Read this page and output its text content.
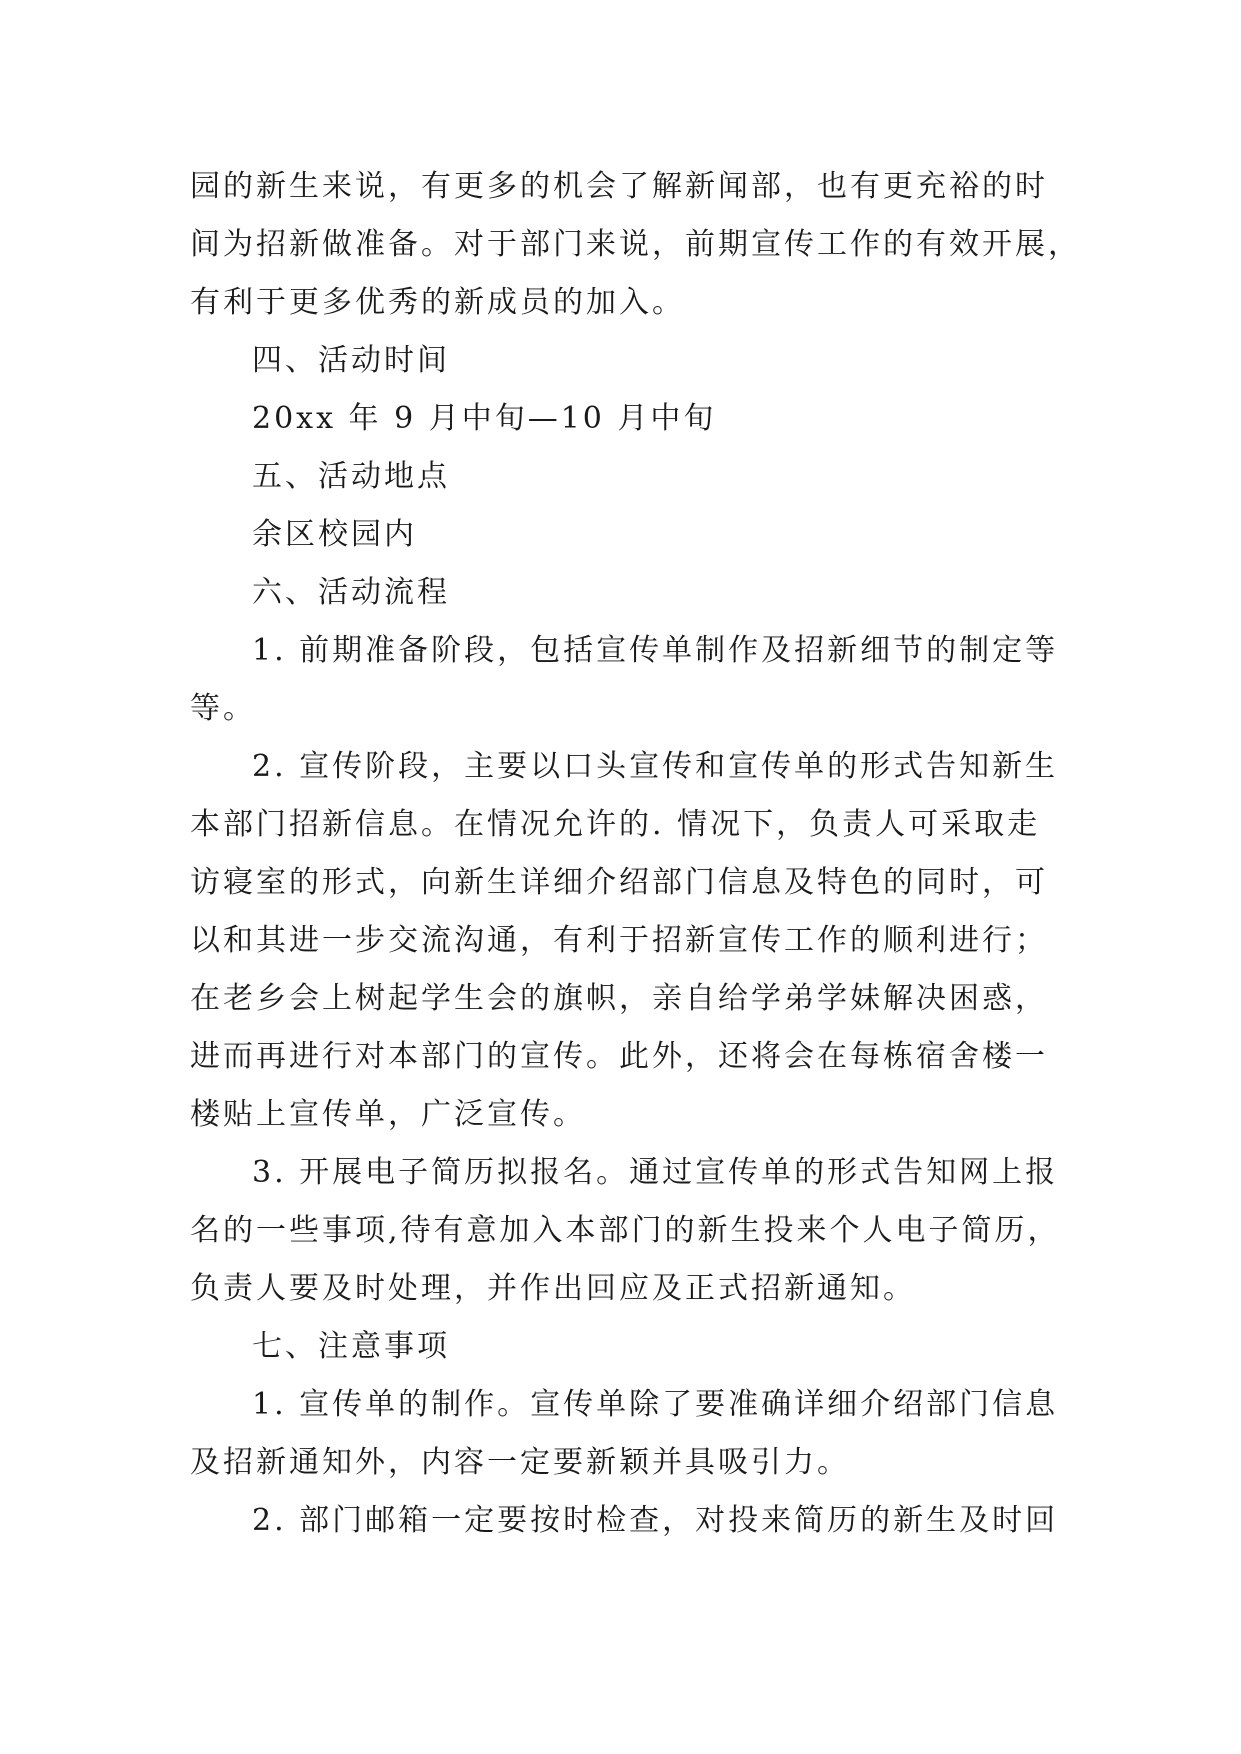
园的新生来说，有更多的机会了解新闻部，也有更充裕的时
间为招新做准备。对于部门来说，前期宣传工作的有效开展，
有利于更多优秀的新成员的加入。
四、活动时间
20xx 年 9 月中旬—10 月中旬
五、活动地点
余区校园内
六、活动流程
1. 前期准备阶段，包括宣传单制作及招新细节的制定等
等。
2. 宣传阶段，主要以口头宣传和宣传单的形式告知新生
本部门招新信息。在情况允许的. 情况下，负责人可采取走
访寝室的形式，向新生详细介绍部门信息及特色的同时，可
以和其进一步交流沟通，有利于招新宣传工作的顺利进行；
在老乡会上树起学生会的旗帜，亲自给学弟学妹解决困惑，
进而再进行对本部门的宣传。此外，还将会在每栋宿舍楼一
楼贴上宣传单，广泛宣传。
3. 开展电子简历拟报名。通过宣传单的形式告知网上报
名的一些事项,待有意加入本部门的新生投来个人电子简历，
负责人要及时处理，并作出回应及正式招新通知。
七、注意事项
1. 宣传单的制作。宣传单除了要准确详细介绍部门信息
及招新通知外，内容一定要新颖并具吸引力。
2. 部门邮箱一定要按时检查，对投来简历的新生及时回
